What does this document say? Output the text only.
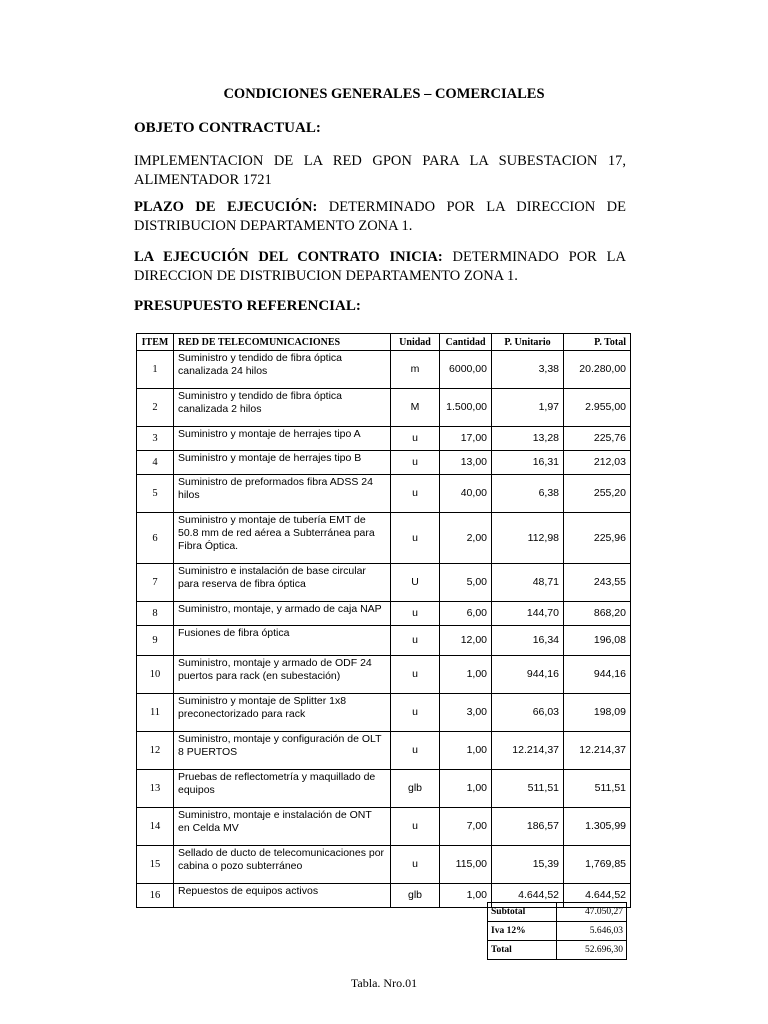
CONDICIONES GENERALES – COMERCIALES
OBJETO CONTRACTUAL:
IMPLEMENTACION DE LA RED GPON PARA LA SUBESTACION 17, ALIMENTADOR 1721
PLAZO DE EJECUCIÓN: DETERMINADO POR LA DIRECCION DE DISTRIBUCION DEPARTAMENTO ZONA 1.
LA EJECUCIÓN DEL CONTRATO INICIA: DETERMINADO POR LA DIRECCION DE DISTRIBUCION DEPARTAMENTO ZONA 1.
PRESUPUESTO REFERENCIAL:
ITEM	RED DE TELECOMUNICACIONES	Unidad	Cantidad	P. Unitario	P. Total
1	Suministro y tendido de fibra óptica canalizada 24 hilos	m	6000,00	3,38	20.280,00
2	Suministro y tendido de fibra óptica canalizada 2 hilos	M	1.500,00	1,97	2.955,00
3	Suministro y montaje de herrajes tipo A	u	17,00	13,28	225,76
4	Suministro y montaje de herrajes tipo B	u	13,00	16,31	212,03
5	Suministro de preformados fibra ADSS 24 hilos	u	40,00	6,38	255,20
6	Suministro y montaje de tubería EMT de 50.8 mm de red aérea a Subterránea para Fibra Óptica.	u	2,00	112,98	225,96
7	Suministro e instalación de base circular para reserva de fibra óptica	U	5,00	48,71	243,55
8	Suministro, montaje, y armado de caja NAP	u	6,00	144,70	868,20
9	Fusiones de fibra óptica	u	12,00	16,34	196,08
10	Suministro, montaje y armado de ODF 24 puertos para rack (en subestación)	u	1,00	944,16	944,16
11	Suministro y montaje de Splitter 1x8 preconectorizado para rack	u	3,00	66,03	198,09
12	Suministro, montaje y configuración de OLT 8 PUERTOS	u	1,00	12.214,37	12.214,37
13	Pruebas de reflectometría y maquillado de equipos	glb	1,00	511,51	511,51
14	Suministro, montaje e instalación de ONT en Celda MV	u	7,00	186,57	1.305,99
15	Sellado de ducto de telecomunicaciones por cabina o pozo subterráneo	u	115,00	15,39	1,769,85
16	Repuestos de equipos activos	glb	1,00	4.644,52	4.644,52
Subtotal	47.050,27
Iva 12%	5.646,03
Total	52.696,30
Tabla. Nro.01
